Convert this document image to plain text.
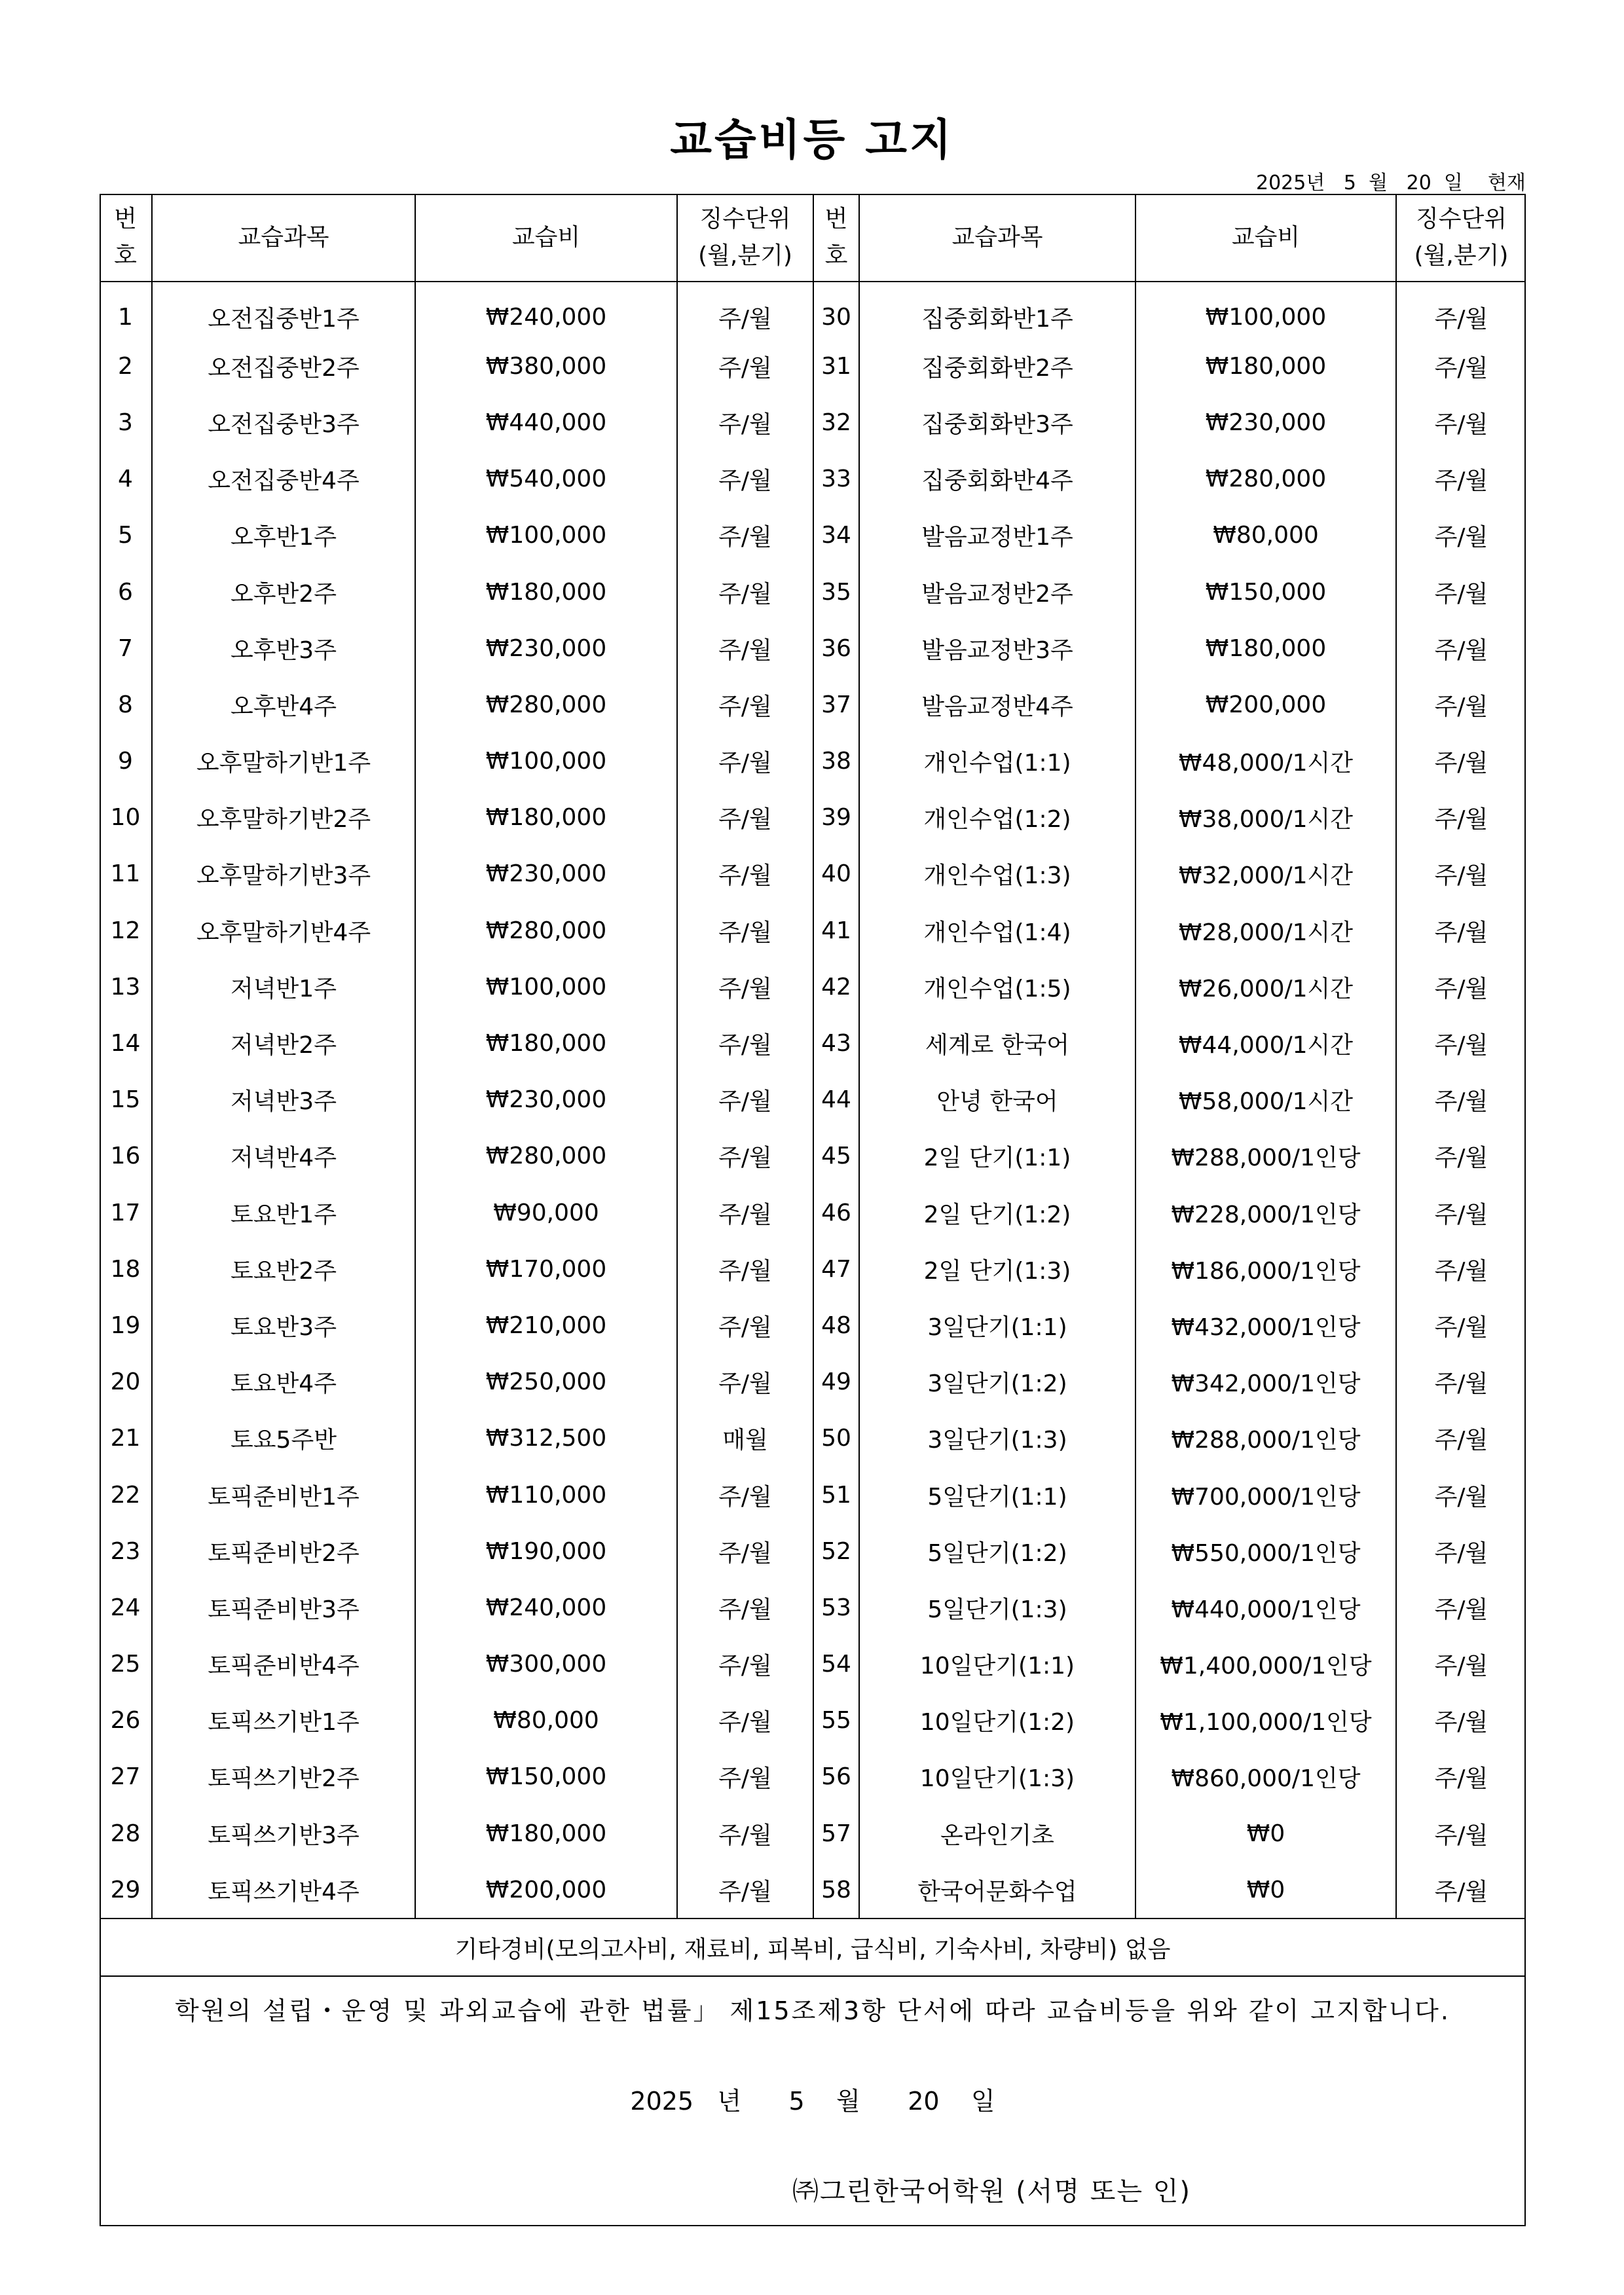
교습비등 고지
2025년   5  월   20  일    현재
번
호	교습과목	교습비	징수단위
(월,분기)	번
호	교습과목	교습비	징수단위
(월,분기)
1	오전집중반1주	₩240,000	주/월	30	집중회화반1주	₩100,000	주/월
2	오전집중반2주	₩380,000	주/월	31	집중회화반2주	₩180,000	주/월
3	오전집중반3주	₩440,000	주/월	32	집중회화반3주	₩230,000	주/월
4	오전집중반4주	₩540,000	주/월	33	집중회화반4주	₩280,000	주/월
5	오후반1주	₩100,000	주/월	34	발음교정반1주	₩80,000	주/월
6	오후반2주	₩180,000	주/월	35	발음교정반2주	₩150,000	주/월
7	오후반3주	₩230,000	주/월	36	발음교정반3주	₩180,000	주/월
8	오후반4주	₩280,000	주/월	37	발음교정반4주	₩200,000	주/월
9	오후말하기반1주	₩100,000	주/월	38	개인수업(1:1)	₩48,000/1시간	주/월
10	오후말하기반2주	₩180,000	주/월	39	개인수업(1:2)	₩38,000/1시간	주/월
11	오후말하기반3주	₩230,000	주/월	40	개인수업(1:3)	₩32,000/1시간	주/월
12	오후말하기반4주	₩280,000	주/월	41	개인수업(1:4)	₩28,000/1시간	주/월
13	저녁반1주	₩100,000	주/월	42	개인수업(1:5)	₩26,000/1시간	주/월
14	저녁반2주	₩180,000	주/월	43	세계로 한국어	₩44,000/1시간	주/월
15	저녁반3주	₩230,000	주/월	44	안녕 한국어	₩58,000/1시간	주/월
16	저녁반4주	₩280,000	주/월	45	2일 단기(1:1)	₩288,000/1인당	주/월
17	토요반1주	₩90,000	주/월	46	2일 단기(1:2)	₩228,000/1인당	주/월
18	토요반2주	₩170,000	주/월	47	2일 단기(1:3)	₩186,000/1인당	주/월
19	토요반3주	₩210,000	주/월	48	3일단기(1:1)	₩432,000/1인당	주/월
20	토요반4주	₩250,000	주/월	49	3일단기(1:2)	₩342,000/1인당	주/월
21	토요5주반	₩312,500	매월	50	3일단기(1:3)	₩288,000/1인당	주/월
22	토픽준비반1주	₩110,000	주/월	51	5일단기(1:1)	₩700,000/1인당	주/월
23	토픽준비반2주	₩190,000	주/월	52	5일단기(1:2)	₩550,000/1인당	주/월
24	토픽준비반3주	₩240,000	주/월	53	5일단기(1:3)	₩440,000/1인당	주/월
25	토픽준비반4주	₩300,000	주/월	54	10일단기(1:1)	₩1,400,000/1인당	주/월
26	토픽쓰기반1주	₩80,000	주/월	55	10일단기(1:2)	₩1,100,000/1인당	주/월
27	토픽쓰기반2주	₩150,000	주/월	56	10일단기(1:3)	₩860,000/1인당	주/월
28	토픽쓰기반3주	₩180,000	주/월	57	온라인기초	₩0	주/월
29	토픽쓰기반4주	₩200,000	주/월	58	한국어문화수업	₩0	주/월
기타경비(모의고사비, 재료비, 피복비, 급식비, 기숙사비, 차량비) 없음
학원의 설립・운영 및 과외교습에 관한 법률」 제15조제3항 단서에 따라 교습비등을 위와 같이 고지합니다.
2025   년      5    월      20    일
㈜그린한국어학원 (서명 또는 인)
